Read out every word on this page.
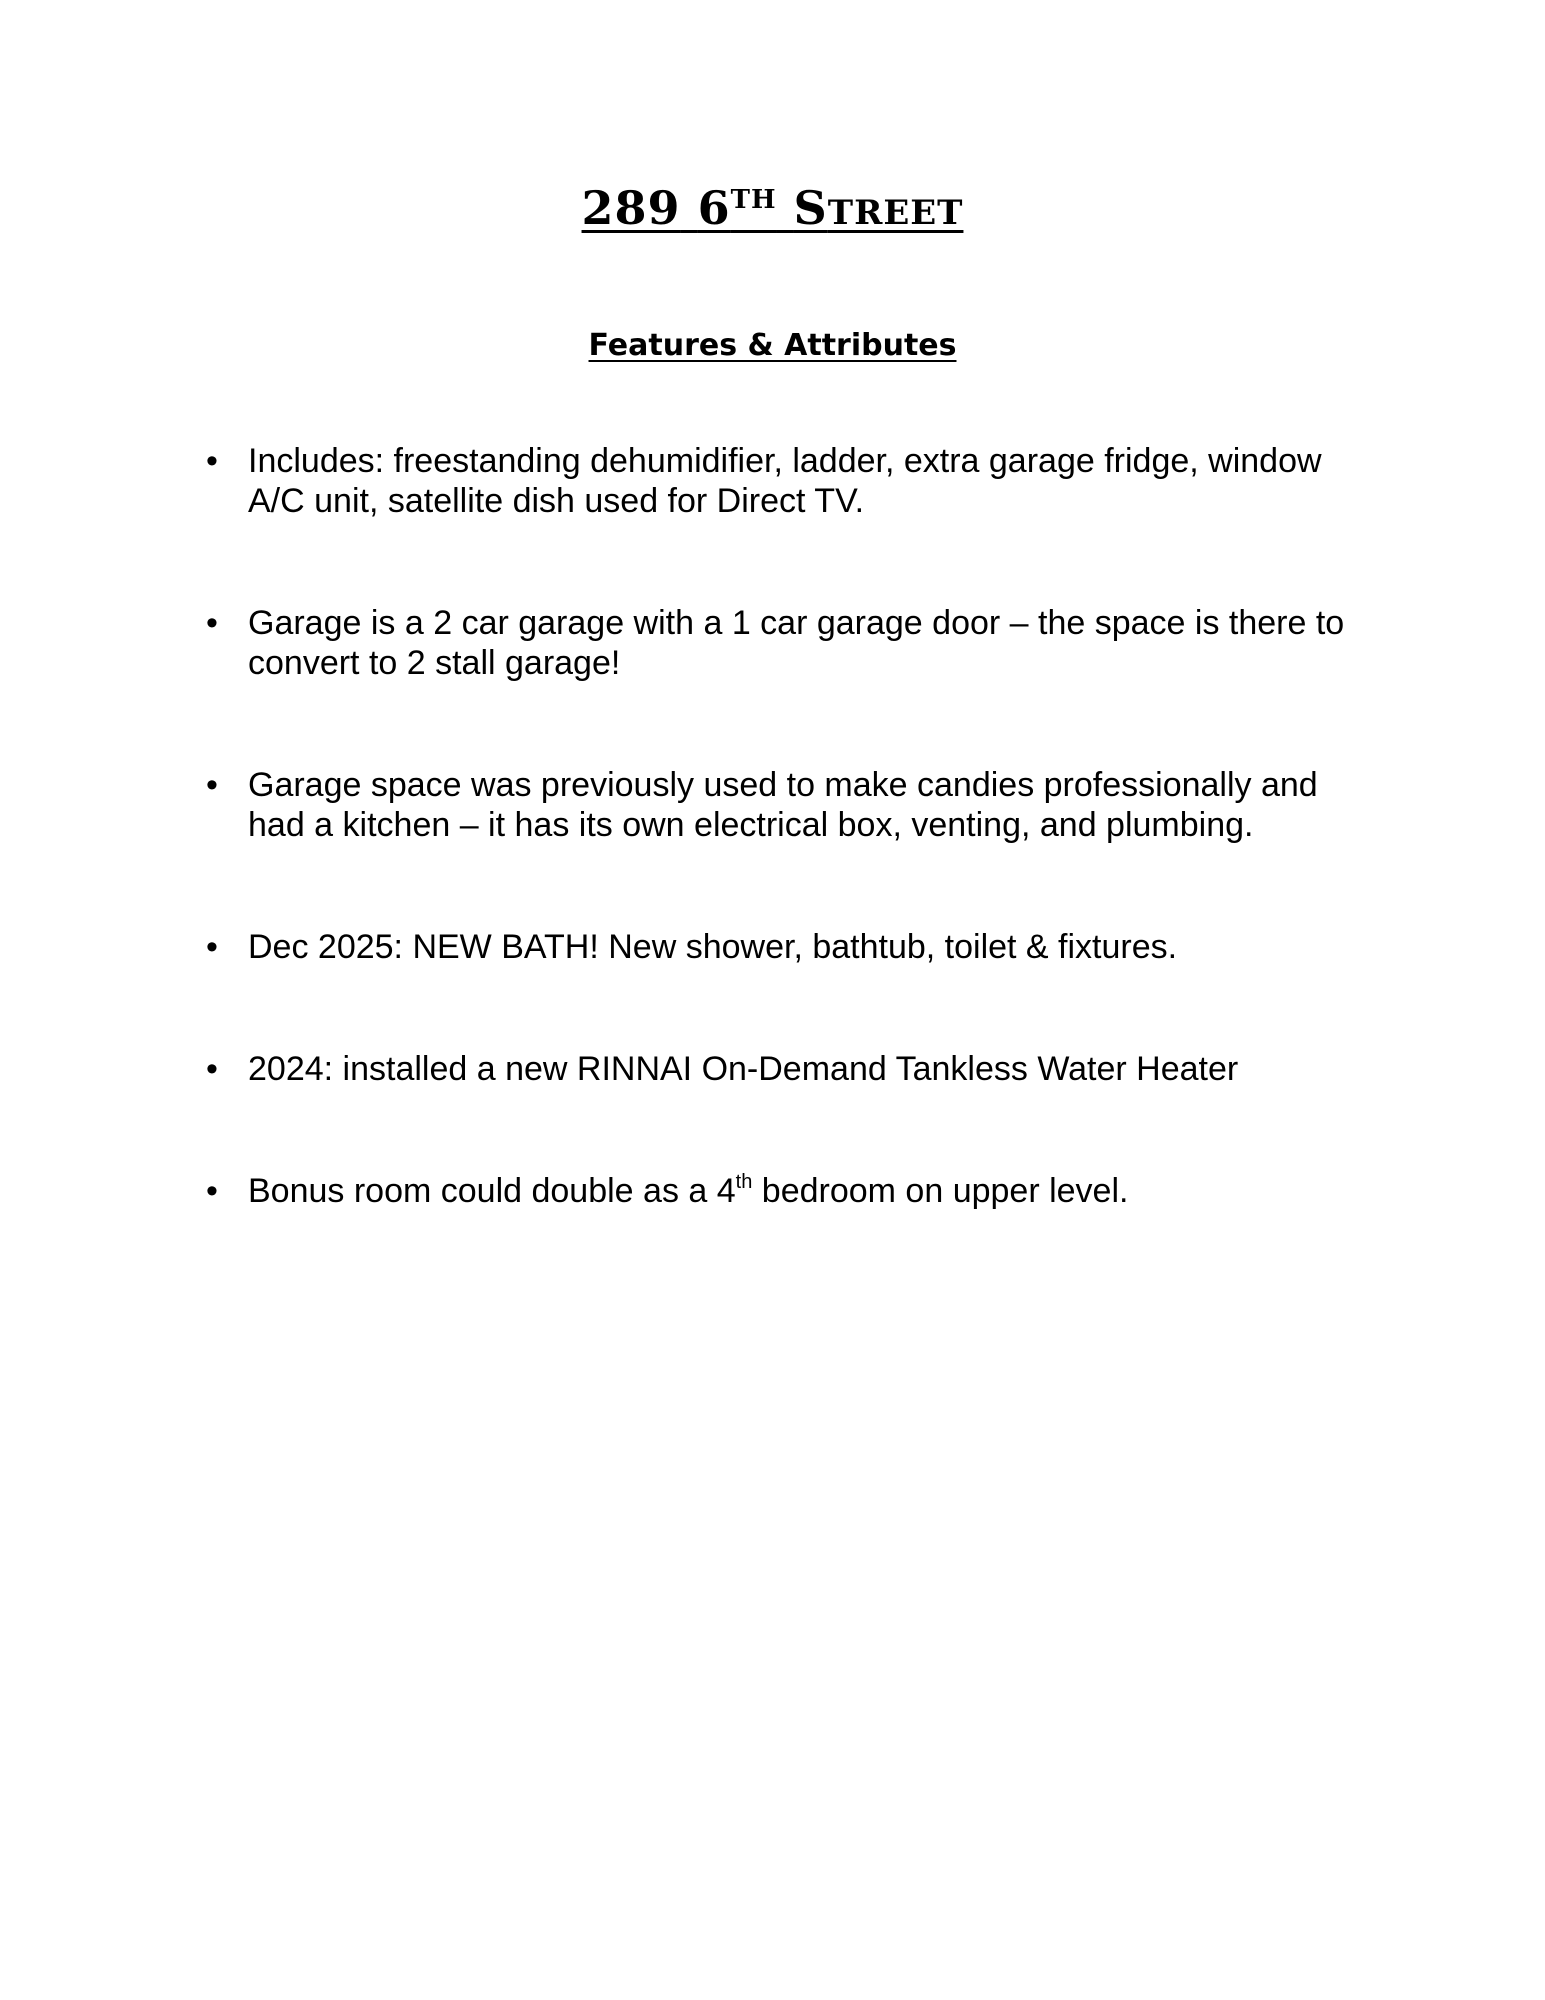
289 6TH STREET
Features & Attributes
• Includes: freestanding dehumidifier, ladder, extra garage fridge, window A/C unit, satellite dish used for Direct TV.
• Garage is a 2 car garage with a 1 car garage door – the space is there to convert to 2 stall garage!
• Garage space was previously used to make candies professionally and had a kitchen – it has its own electrical box, venting, and plumbing.
• Dec 2025: NEW BATH! New shower, bathtub, toilet & fixtures.
• 2024: installed a new RINNAI On-Demand Tankless Water Heater
• Bonus room could double as a 4th bedroom on upper level.
